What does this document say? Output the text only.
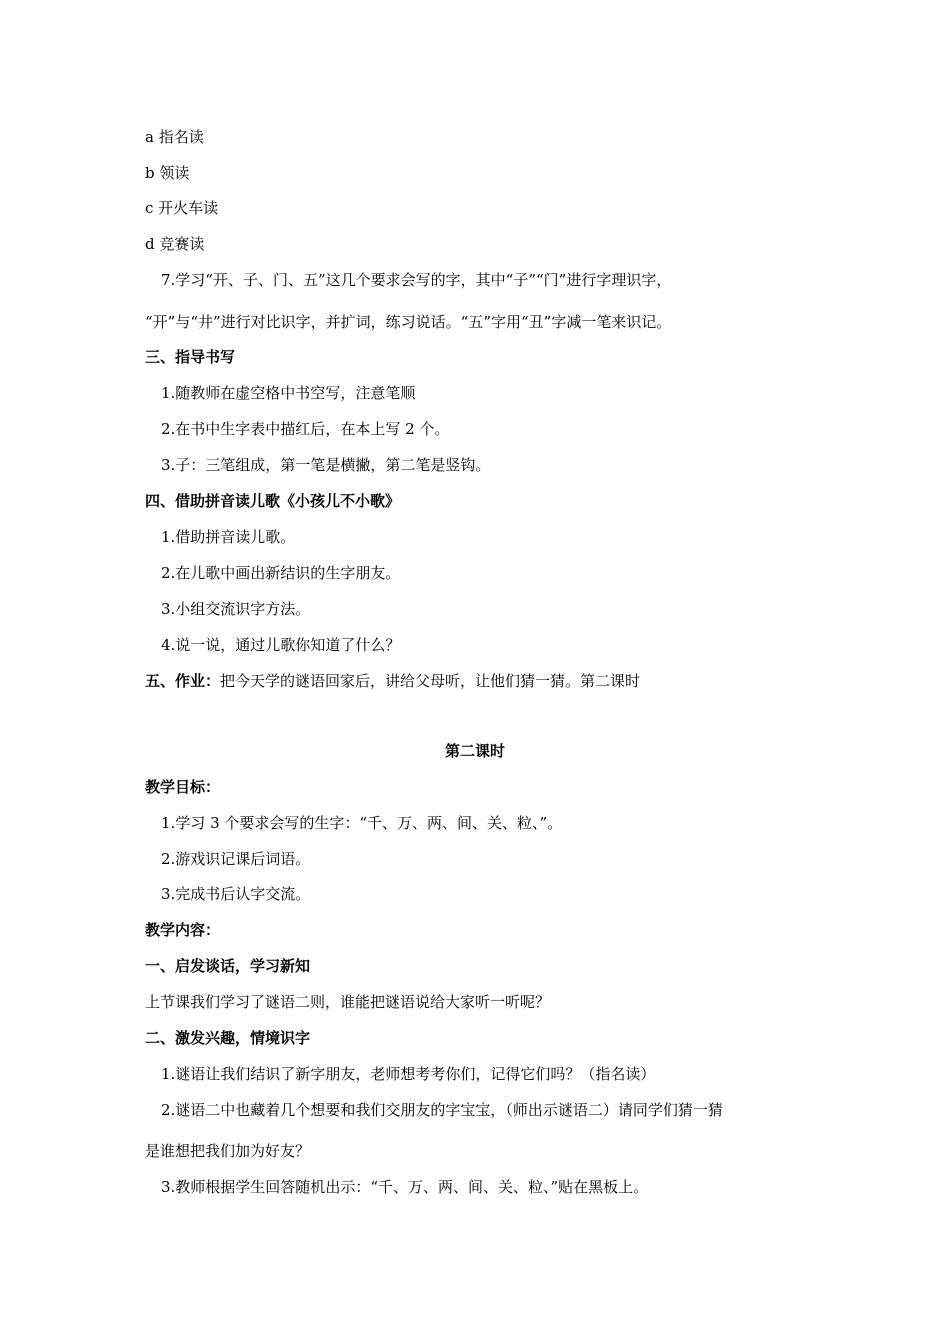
a 指名读
b 领读
c 开火车读
d 竞赛读
7.学习“开、子、门、五”这几个要求会写的字，其中“子”“门”进行字理识字，
“开”与“井”进行对比识字，并扩词，练习说话。“五”字用“丑”字减一笔来识记。
三、指导书写
1.随教师在虚空格中书空写，注意笔顺
2.在书中生字表中描红后，在本上写 2 个。
3.子：三笔组成，第一笔是横撇，第二笔是竖钩。
四、借助拼音读儿歌《小孩儿不小歌》
1.借助拼音读儿歌。
2.在儿歌中画出新结识的生字朋友。
3.小组交流识字方法。
4.说一说，通过儿歌你知道了什么？
五、作业：把今天学的谜语回家后，讲给父母听，让他们猜一猜。第二课时
第二课时
教学目标：
1.学习 3 个要求会写的生字：“千、万、两、间、关、粒、”。
2.游戏识记课后词语。
3.完成书后认字交流。
教学内容：
一、启发谈话，学习新知
上节课我们学习了谜语二则，谁能把谜语说给大家听一听呢？
二、激发兴趣，情境识字
1.谜语让我们结识了新字朋友，老师想考考你们，记得它们吗？（指名读）
2.谜语二中也藏着几个想要和我们交朋友的字宝宝，（师出示谜语二）请同学们猜一猜
是谁想把我们加为好友？
3.教师根据学生回答随机出示：“千、万、两、间、关、粒、”贴在黑板上。
